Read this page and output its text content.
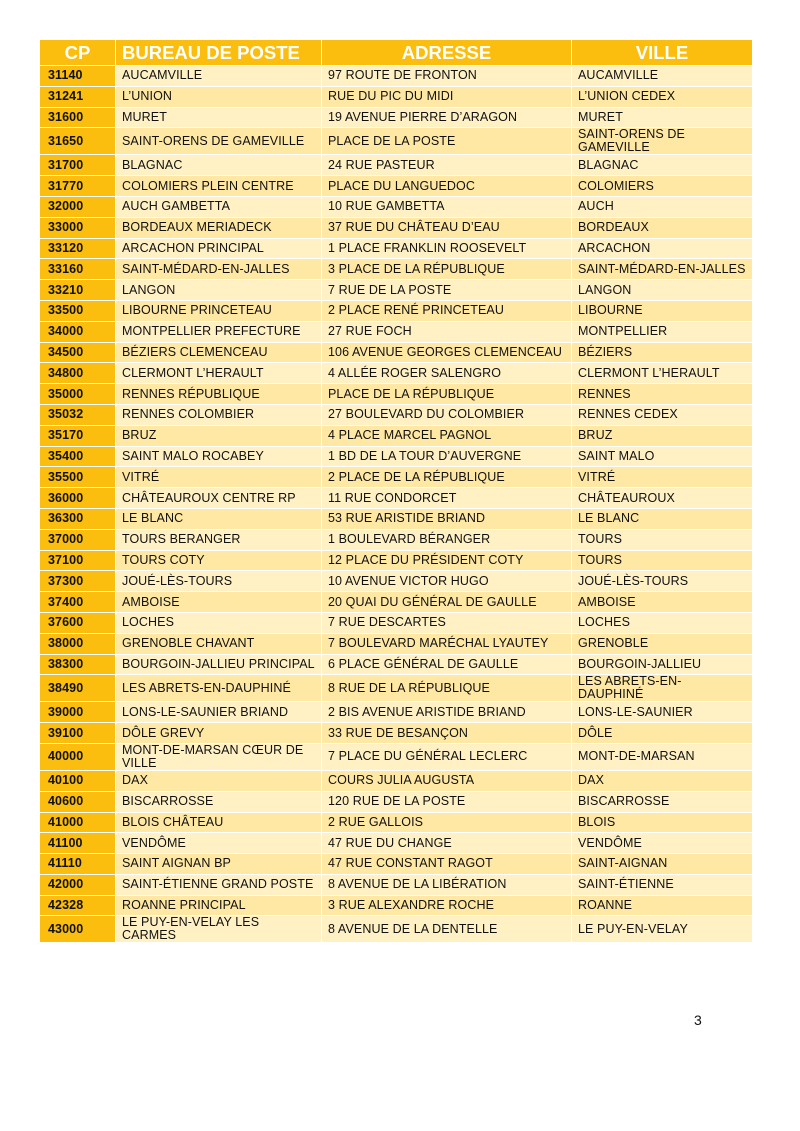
CP	BUREAU DE POSTE	ADRESSE	VILLE
31140	AUCAMVILLE	97 ROUTE DE FRONTON	AUCAMVILLE
31241	L’UNION	RUE DU PIC DU MIDI	L’UNION CEDEX
31600	MURET	19 AVENUE PIERRE D’ARAGON	MURET
31650	SAINT-ORENS DE GAMEVILLE	PLACE DE LA POSTE	SAINT-ORENS DE GAMEVILLE
31700	BLAGNAC	24 RUE PASTEUR	BLAGNAC
31770	COLOMIERS PLEIN CENTRE	PLACE DU LANGUEDOC	COLOMIERS
32000	AUCH GAMBETTA	10 RUE GAMBETTA	AUCH
33000	BORDEAUX MERIADECK	37 RUE DU CHÂTEAU D’EAU	BORDEAUX
33120	ARCACHON PRINCIPAL	1 PLACE FRANKLIN ROOSEVELT	ARCACHON
33160	SAINT-MÉDARD-EN-JALLES	3 PLACE DE LA RÉPUBLIQUE	SAINT-MÉDARD-EN-JALLES
33210	LANGON	7 RUE DE LA POSTE	LANGON
33500	LIBOURNE PRINCETEAU	2 PLACE RENÉ PRINCETEAU	LIBOURNE
34000	MONTPELLIER PREFECTURE	27 RUE FOCH	MONTPELLIER
34500	BÉZIERS CLEMENCEAU	106 AVENUE GEORGES CLEMENCEAU	BÉZIERS
34800	CLERMONT L’HERAULT	4 ALLÉE ROGER SALENGRO	CLERMONT L’HERAULT
35000	RENNES RÉPUBLIQUE	PLACE DE LA RÉPUBLIQUE	RENNES
35032	RENNES COLOMBIER	27 BOULEVARD DU COLOMBIER	RENNES CEDEX
35170	BRUZ	4 PLACE MARCEL PAGNOL	BRUZ
35400	SAINT MALO ROCABEY	1 BD DE LA TOUR D’AUVERGNE	SAINT MALO
35500	VITRÉ	2 PLACE DE LA RÉPUBLIQUE	VITRÉ
36000	CHÂTEAUROUX CENTRE RP	11 RUE CONDORCET	CHÂTEAUROUX
36300	LE BLANC	53 RUE ARISTIDE BRIAND	LE BLANC
37000	TOURS BERANGER	1 BOULEVARD BÉRANGER	TOURS
37100	TOURS COTY	12 PLACE DU PRÉSIDENT COTY	TOURS
37300	JOUÉ-LÈS-TOURS	10 AVENUE VICTOR HUGO	JOUÉ-LÈS-TOURS
37400	AMBOISE	20 QUAI DU GÉNÉRAL DE GAULLE	AMBOISE
37600	LOCHES	7 RUE DESCARTES	LOCHES
38000	GRENOBLE CHAVANT	7 BOULEVARD MARÉCHAL LYAUTEY	GRENOBLE
38300	BOURGOIN-JALLIEU PRINCIPAL	6 PLACE GÉNÉRAL DE GAULLE	BOURGOIN-JALLIEU
38490	LES ABRETS-EN-DAUPHINÉ	8 RUE DE LA RÉPUBLIQUE	LES ABRETS-EN-DAUPHINÉ
39000	LONS-LE-SAUNIER BRIAND	2 BIS AVENUE ARISTIDE BRIAND	LONS-LE-SAUNIER
39100	DÔLE GREVY	33 RUE DE BESANÇON	DÔLE
40000	MONT-DE-MARSAN CŒUR DE VILLE	7 PLACE DU GÉNÉRAL LECLERC	MONT-DE-MARSAN
40100	DAX	COURS JULIA AUGUSTA	DAX
40600	BISCARROSSE	120 RUE DE LA POSTE	BISCARROSSE
41000	BLOIS CHÂTEAU	2 RUE GALLOIS	BLOIS
41100	VENDÔME	47 RUE DU CHANGE	VENDÔME
41110	SAINT AIGNAN BP	47 RUE CONSTANT RAGOT	SAINT-AIGNAN
42000	SAINT-ÉTIENNE GRAND POSTE	8 AVENUE DE LA LIBÉRATION	SAINT-ÉTIENNE
42328	ROANNE PRINCIPAL	3 RUE ALEXANDRE ROCHE	ROANNE
43000	LE PUY-EN-VELAY LES CARMES	8 AVENUE DE LA DENTELLE	LE PUY-EN-VELAY
3
